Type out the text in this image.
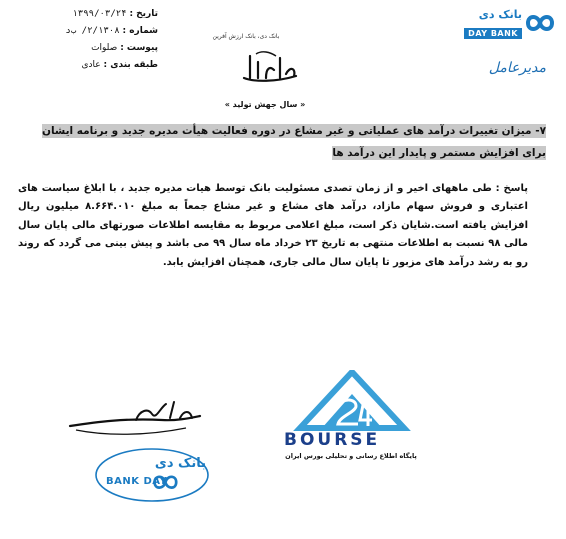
تاریخ : ۱۳۹۹/۰۳/۲۴
شماره : ۲/۱۳۰۸/ ب‌د
پیوست : صلوات
طبقه بندی : عادی
بانک دی، بانک ارزش آفرین
بانک دی
DAY BANK
مدیرعامل
« سال جهش تولید »
۷- میزان تغییرات درآمد های عملیاتی و غیر مشاع در دوره فعالیت هیأت مدیره جدید و برنامه ایشان برای افزایش مستمر و پایدار این درآمد ها
پاسخ : طی ماههای اخیر و از زمان تصدی مسئولیت بانک توسط هیات مدیره جدید ، با ابلاغ سیاست های اعتباری و فروش سهام مازاد، درآمد های مشاع و غیر مشاع جمعاً به مبلغ ۸.۶۶۴.۰۱۰ میلیون ریال افزایش یافته است.شایان ذکر است، مبلغ اعلامی مربوط به مقایسه اطلاعات صورتهای مالی پایان سال مالی ۹۸ نسبت به اطلاعات منتهی به تاریخ ۲۳ خرداد ماه سال ۹۹ می باشد و پیش بینی می گردد که روند رو به رشد درآمد های مزبور تا پایان سال مالی جاری، همچنان افزایش یابد.
BOURSE
پایگاه اطلاع رسانی و تحلیلی بورس ایران
بانک دی
BANK DAY
